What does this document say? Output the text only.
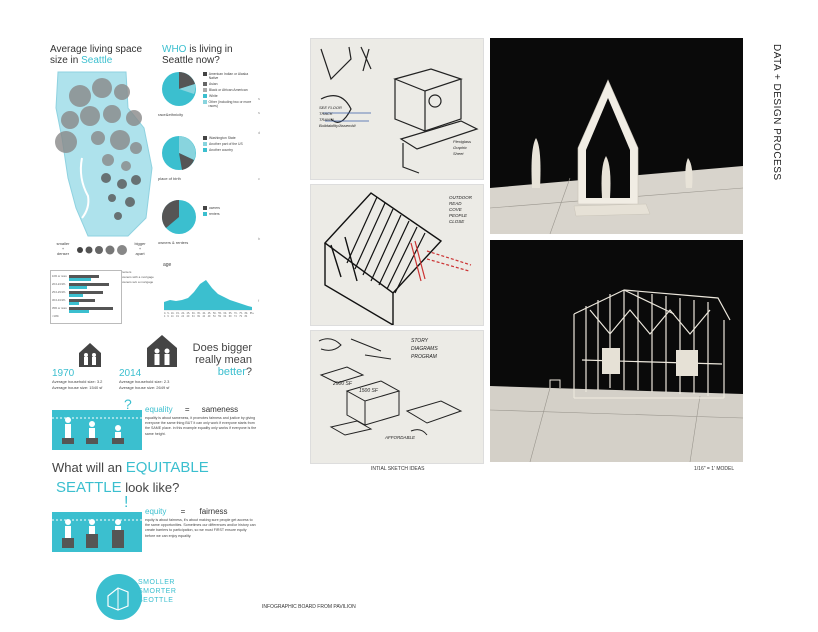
Average living space
size in Seattle
smaller
+
denser
bigger
+
apart
WHO is living in
Seattle now?
American Indian or Alaska Native
Asian
Black or African American
White
Other (including two or more races)
race&ethnicity
Washington State
Another part of the US
Another country
place of birth
owners
renters
owners & renters
s
s
d
c
b
f
10% or more
20.0-24.9%
25.0-29.9%
30.0-34.9%
35% or more
<10%
renters
owners with a mortgage
owners w/o a mortgage
age
0-4
5-9
10-14
15-19
20-24
25-29
30-34
35-39
40-44
45-49
50-54
55-59
60-64
65-69
70-74
75-79
80-84
85+
1970
Average household size: 3.2
Average house size: 1540 sf
2014
Average household size: 2.3
Average house size: 2649 sf
Does bigger
really mean
better?
? equality = sameness
equality is about sameness, it promotes fairness and justice by giving everyone the same thing BUT it can only work if everyone starts from the SAME place. in this example equality only works if everyone is the same height.
What will an EQUITABLE
SEATTLE look like?
!
equity = fairness
equity is about fairness, it's about making sure people get access to the same opportunities. Sometimes our differences and/or history can create barriers to participation, so we must FIRST ensure equity before we can enjoy equality.
SMOLLER
SMORTER
SEOTTLE
INFOGRAPHIC BOARD FROM PAVILION
SEE FLOOR
TRACK
TRANSL
Buildability/Assembli
Plexiglass
Graphic
Sheet
OUTDOOR
READ
COVE
PEOPLE
CLOSE
STORY
DIAGRAMS
PROGRAM
2500 SF
1500 SF
AFFORDABLE
INTIAL SKETCH IDEAS	1/16" = 1' MODEL
DATA + DESIGN PROCESS
